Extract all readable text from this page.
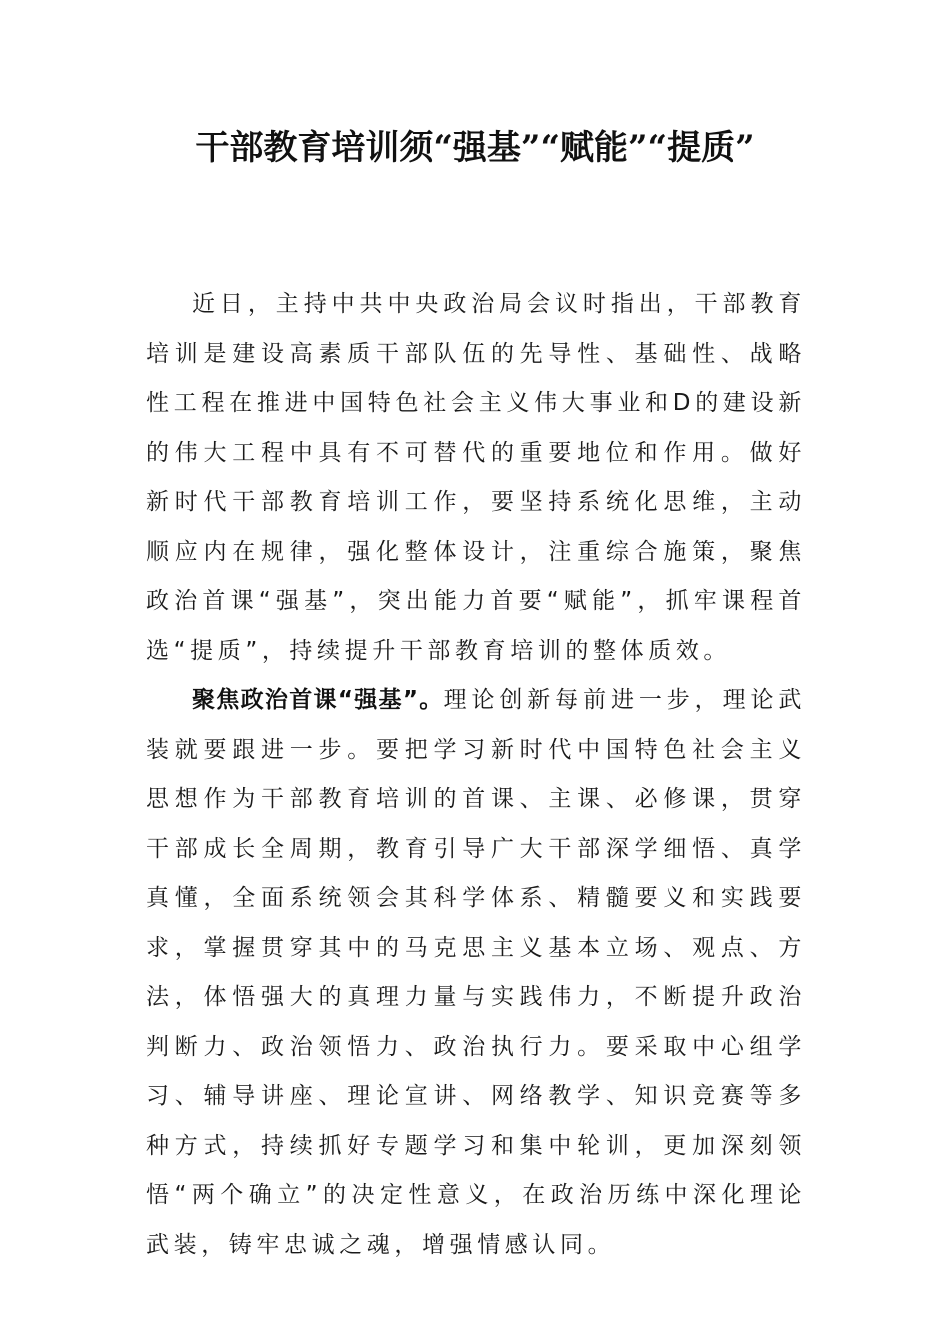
干部教育培训须“强基”“赋能”“提质”

近日，主持中共中央政治局会议时指出，干部教育培训是建设高素质干部队伍的先导性、基础性、战略性工程在推进中国特色社会主义伟大事业和D的建设新的伟大工程中具有不可替代的重要地位和作用。做好新时代干部教育培训工作，要坚持系统化思维，主动顺应内在规律，强化整体设计，注重综合施策，聚焦政治首课“强基”，突出能力首要“赋能”，抓牢课程首选“提质”，持续提升干部教育培训的整体质效。

聚焦政治首课“强基”。理论创新每前进一步，理论武装就要跟进一步。要把学习新时代中国特色社会主义思想作为干部教育培训的首课、主课、必修课，贯穿干部成长全周期，教育引导广大干部深学细悟、真学真懂，全面系统领会其科学体系、精髓要义和实践要求，掌握贯穿其中的马克思主义基本立场、观点、方法，体悟强大的真理力量与实践伟力，不断提升政治判断力、政治领悟力、政治执行力。要采取中心组学习、辅导讲座、理论宣讲、网络教学、知识竞赛等多种方式，持续抓好专题学习和集中轮训，更加深刻领悟“两个确立”的决定性意义，在政治历练中深化理论武装，铸牢忠诚之魂，增强情感认同。
